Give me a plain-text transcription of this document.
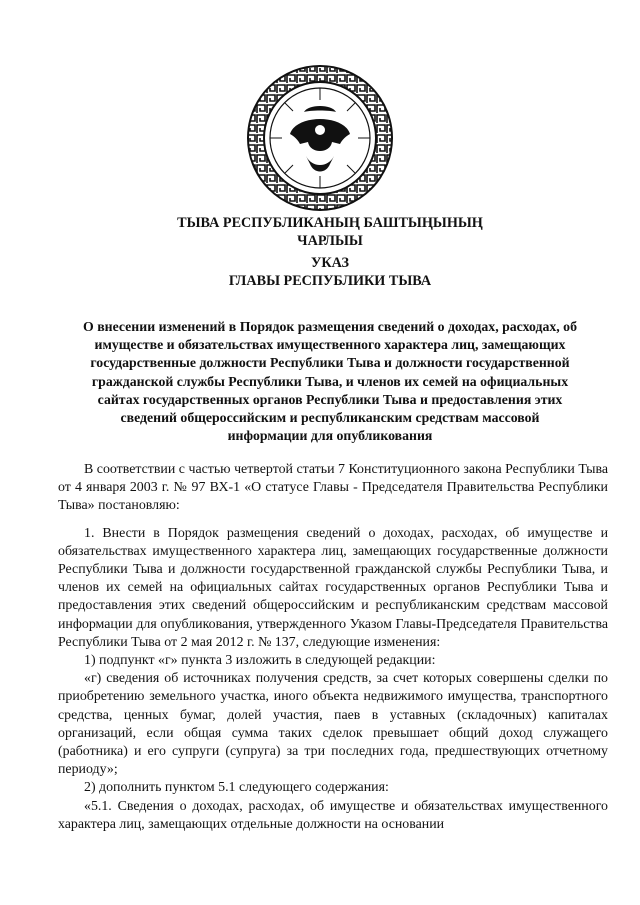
ТЫВА РЕСПУБЛИКАНЫҢ БАШТЫҢЫНЫҢ
ЧАРЛЫЫ
УКАЗ
ГЛАВЫ РЕСПУБЛИКИ ТЫВА
О внесении изменений в Порядок размещения сведений о доходах, расходах, об
имуществе и обязательствах имущественного характера лиц, замещающих
государственные должности Республики Тыва и должности государственной
гражданской службы Республики Тыва, и членов их семей на официальных
сайтах государственных органов Республики Тыва и предоставления этих
сведений общероссийским и республиканским средствам массовой
информации для опубликования

В соответствии с частью четвертой статьи 7 Конституционного закона Республики Тыва от 4 января 2003 г. № 97 ВХ-1 «О статусе Главы - Председателя Правительства Республики Тыва» постановляю:

1. Внести в Порядок размещения сведений о доходах, расходах, об имуществе и обязательствах имущественного характера лиц, замещающих государственные должности Республики Тыва и должности государственной гражданской службы Республики Тыва, и членов их семей на официальных сайтах государственных органов Республики Тыва и предоставления этих сведений общероссийским и республиканским средствам массовой информации для опубликования, утвержденного Указом Главы-Председателя Правительства Республики Тыва от 2 мая 2012 г. № 137, следующие изменения:

1) подпункт «г» пункта 3 изложить в следующей редакции:

«г) сведения об источниках получения средств, за счет которых совершены сделки по приобретению земельного участка, иного объекта недвижимого имущества, транспортного средства, ценных бумаг, долей участия, паев в уставных (складочных) капиталах организаций, если общая сумма таких сделок превышает общий доход служащего (работника) и его супруги (супруга) за три последних года, предшествующих отчетному периоду»;

2) дополнить пунктом 5.1 следующего содержания:

«5.1. Сведения о доходах, расходах, об имуществе и обязательствах имущественного характера лиц, замещающих отдельные должности на основании
